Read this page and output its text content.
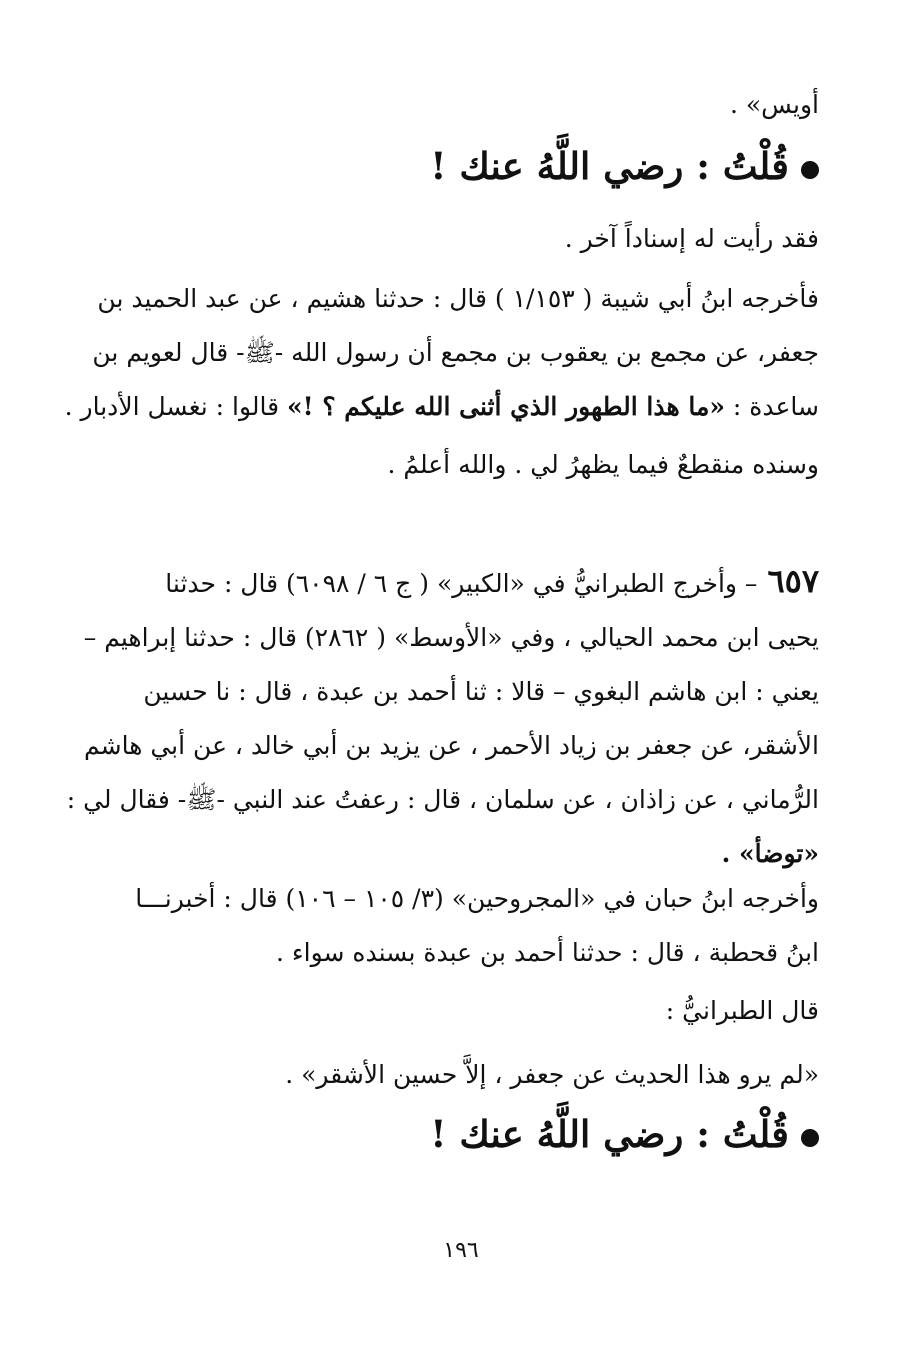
أويس» .
قُلْتُ : رضي اللَّهُ عنك !
فقد رأيت له إسناداً آخر .
فأخرجه ابنُ أبي شيبة ( ١/١٥٣ ) قال : حدثنا هشيم ، عن عبد الحميد بن
جعفر، عن مجمع بن يعقوب بن مجمع أن رسول الله -ﷺ- قال لعويم بن
ساعدة : «ما هذا الطهور الذي أثنى الله عليكم ؟ !» قالوا : نغسل الأدبار .
وسنده منقطعٌ فيما يظهرُ لي . والله أعلمُ .
٦٥٧– وأخرج الطبرانيُّ في «الكبير» ( ج ٦ / ٦٠٩٨) قال : حدثنا
يحيى ابن محمد الحيالي ، وفي «الأوسط» ( ٢٨٦٢) قال : حدثنا إبراهيم –
يعني : ابن هاشم البغوي – قالا : ثنا أحمد بن عبدة ، قال : نا حسين
الأشقر، عن جعفر بن زياد الأحمر ، عن يزيد بن أبي خالد ، عن أبي هاشم
الرُّماني ، عن زاذان ، عن سلمان ، قال : رعفتُ عند النبي -ﷺ- فقال لي :
«توضأ» .
وأخرجه ابنُ حبان في «المجروحين» (٣/ ١٠٥ – ١٠٦) قال : أخبرنـــا
ابنُ قحطبة ، قال : حدثنا أحمد بن عبدة بسنده سواء .
قال الطبرانيُّ :
«لم يرو هذا الحديث عن جعفر ، إلاَّ حسين الأشقر» .
قُلْتُ : رضي اللَّهُ عنك !
١٩٦
